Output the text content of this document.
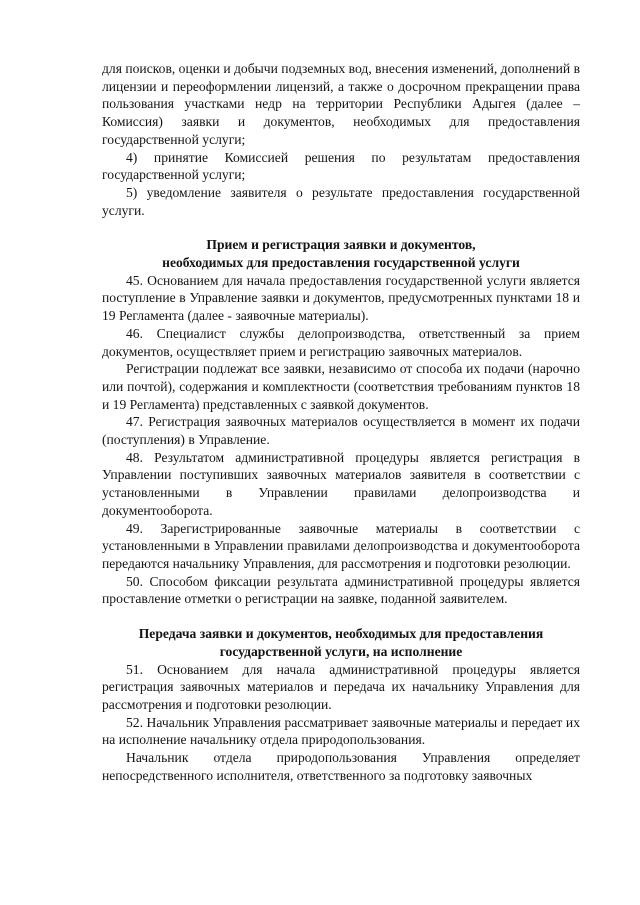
для поисков, оценки и добычи подземных вод, внесения изменений, дополнений в лицензии и переоформлении лицензий, а также о досрочном прекращении права пользования участками недр на территории Республики Адыгея (далее – Комиссия) заявки и документов, необходимых для предоставления государственной услуги;

4) принятие Комиссией решения по результатам предоставления государственной услуги;

5) уведомление заявителя о результате предоставления государственной услуги.

Прием и регистрация заявки и документов,

необходимых для предоставления государственной услуги

45. Основанием для начала предоставления государственной услуги является поступление в Управление заявки и документов, предусмотренных пунктами 18 и 19 Регламента (далее - заявочные материалы).

46. Специалист службы делопроизводства, ответственный за прием документов, осуществляет прием и регистрацию заявочных материалов.

Регистрации подлежат все заявки, независимо от способа их подачи (нарочно или почтой), содержания и комплектности (соответствия требованиям пунктов 18 и 19 Регламента) представленных с заявкой документов.

47. Регистрация заявочных материалов осуществляется в момент их подачи (поступления) в Управление.

48. Результатом административной процедуры является регистрация в Управлении поступивших заявочных материалов заявителя в соответствии с установленными в Управлении правилами делопроизводства и документооборота.

49. Зарегистрированные заявочные материалы в соответствии с установленными в Управлении правилами делопроизводства и документооборота передаются начальнику Управления, для рассмотрения и подготовки резолюции.

50. Способом фиксации результата административной процедуры является проставление отметки о регистрации на заявке, поданной заявителем.

Передача заявки и документов, необходимых для предоставления

государственной услуги, на исполнение

51. Основанием для начала административной процедуры является регистрация заявочных материалов и передача их начальнику Управления для рассмотрения и подготовки резолюции.

52. Начальник Управления рассматривает заявочные материалы и передает их на исполнение начальнику отдела природопользования.

Начальник отдела природопользования Управления определяет непосредственного исполнителя, ответственного за подготовку заявочных
